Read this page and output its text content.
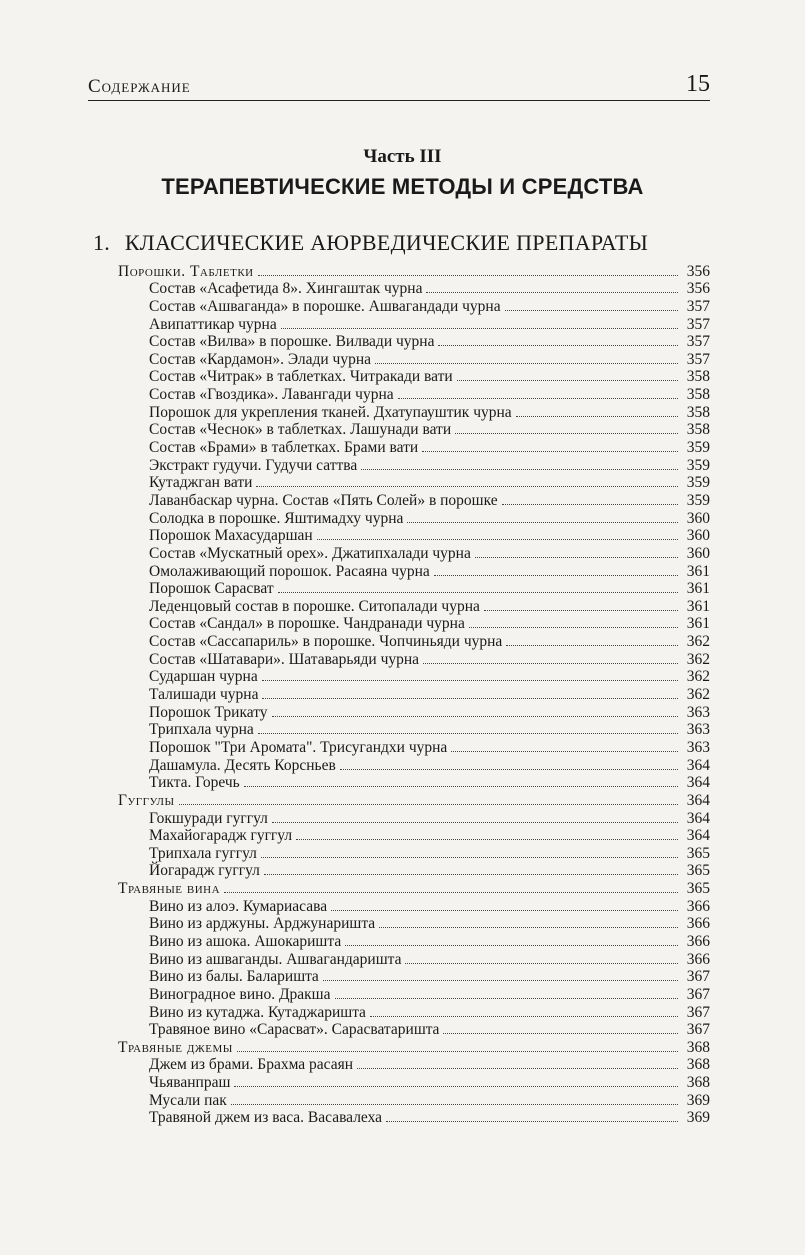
Содержание	15
Часть III
ТЕРАПЕВТИЧЕСКИЕ МЕТОДЫ И СРЕДСТВА
1. КЛАССИЧЕСКИЕ АЮРВЕДИЧЕСКИЕ ПРЕПАРАТЫ
Порошки. Таблетки	356
Состав «Асафетида 8». Хингаштак чурна	356
Состав «Ашваганда» в порошке. Ашвагандади чурна	357
Авипаттикар чурна	357
Состав «Вилва» в порошке. Вилвади чурна	357
Состав «Кардамон». Элади чурна	357
Состав «Читрак» в таблетках. Читракади вати	358
Состав «Гвоздика». Лавангади чурна	358
Порошок для укрепления тканей. Дхатупауштик чурна	358
Состав «Чеснок» в таблетках. Лашунади вати	358
Состав «Брами» в таблетках. Брами вати	359
Экстракт гудучи. Гудучи саттва	359
Кутаджган вати	359
Лаванбаскар чурна. Состав «Пять Солей» в порошке	359
Солодка в порошке. Яштимадху чурна	360
Порошок Махасударшан	360
Состав «Мускатный орех». Джатипхалади чурна	360
Омолаживающий порошок. Расаяна чурна	361
Порошок Сарасват	361
Леденцовый состав в порошке. Ситопалади чурна	361
Состав «Сандал» в порошке. Чандранади чурна	361
Состав «Сассапариль» в порошке. Чопчиньяди чурна	362
Состав «Шатавари». Шатаварьяди чурна	362
Сударшан чурна	362
Талишади чурна	362
Порошок Трикату	363
Трипхала чурна	363
Порошок "Три Аромата". Трисугандхи чурна	363
Дашамула. Десять Корсньев	364
Тикта. Горечь	364
Гуггулы	364
Гокшуради гуггул	364
Махайогарадж гуггул	364
Трипхала гуггул	365
Йогарадж гуггул	365
Травяные вина	365
Вино из алоэ. Кумариасава	366
Вино из арджуны. Арджунаришта	366
Вино из ашока. Ашокаришта	366
Вино из ашваганды. Ашвагандаришта	366
Вино из балы. Балариштa	367
Виноградное вино. Дракша	367
Вино из кутаджа. Кутаджариштa	367
Травяное вино «Сарасват». Сарасватариштa	367
Травяные джемы	368
Джем из брами. Брахма расаян	368
Чьяванпраш	368
Мусали пак	369
Травяной джем из васа. Васавалеха	369
